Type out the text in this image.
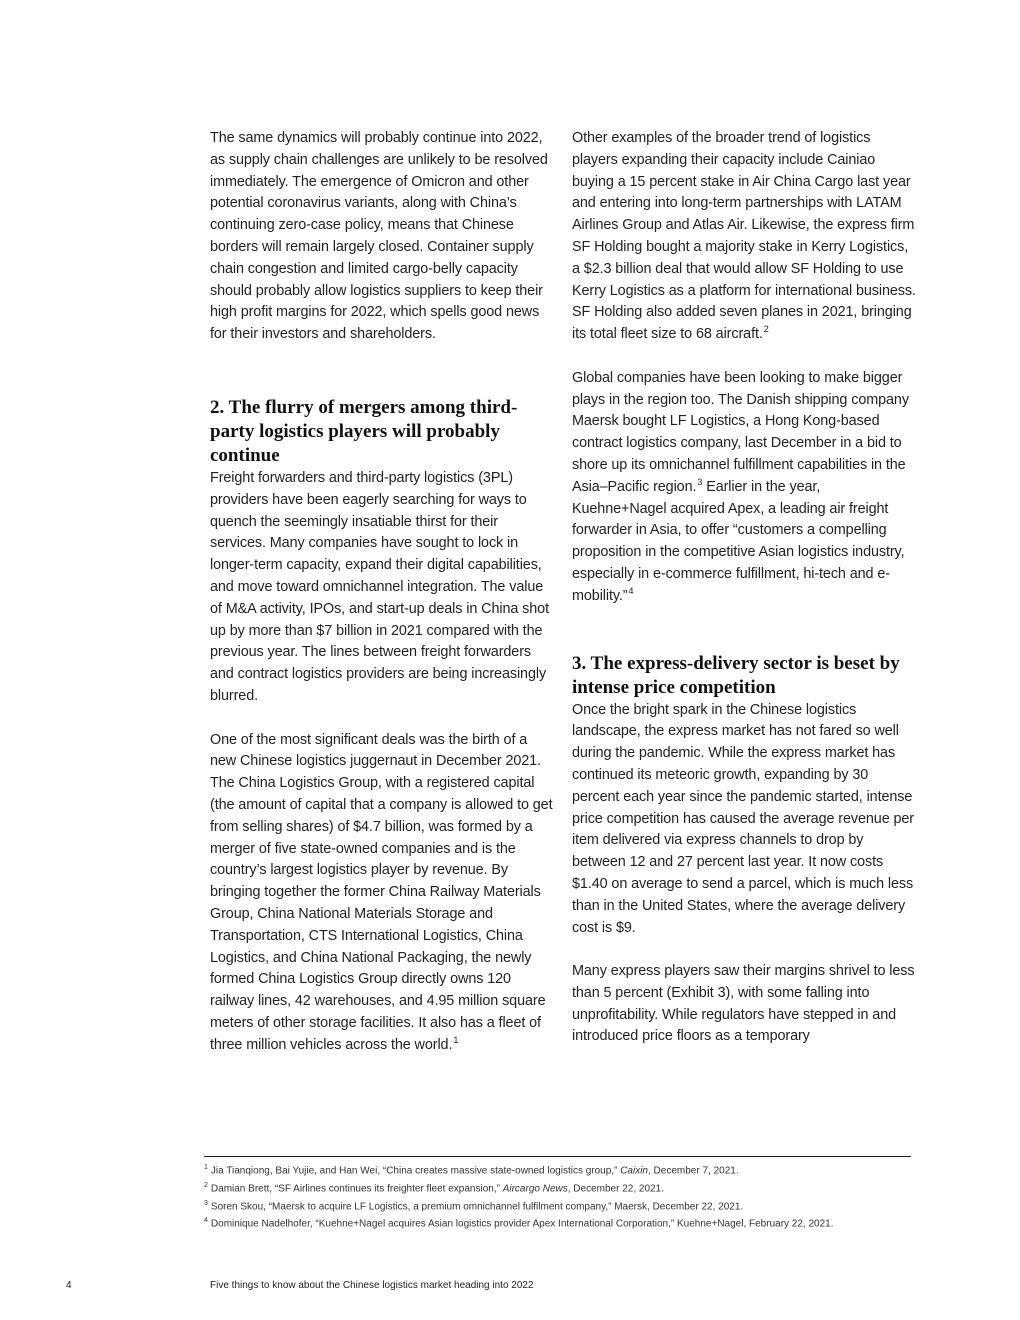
The same dynamics will probably continue into 2022, as supply chain challenges are unlikely to be resolved immediately. The emergence of Omicron and other potential coronavirus variants, along with China’s continuing zero-case policy, means that Chinese borders will remain largely closed. Container supply chain congestion and limited cargo-belly capacity should probably allow logistics suppliers to keep their high profit margins for 2022, which spells good news for their investors and shareholders.

2. The flurry of mergers among third-party logistics players will probably continue

Freight forwarders and third-party logistics (3PL) providers have been eagerly searching for ways to quench the seemingly insatiable thirst for their services. Many companies have sought to lock in longer-term capacity, expand their digital capabilities, and move toward omnichannel integration. The value of M&A activity, IPOs, and start-up deals in China shot up by more than $7 billion in 2021 compared with the previous year. The lines between freight forwarders and contract logistics providers are being increasingly blurred.

One of the most significant deals was the birth of a new Chinese logistics juggernaut in December 2021. The China Logistics Group, with a registered capital (the amount of capital that a company is allowed to get from selling shares) of $4.7 billion, was formed by a merger of five state-owned companies and is the country’s largest logistics player by revenue. By bringing together the former China Railway Materials Group, China National Materials Storage and Transportation, CTS International Logistics, China Logistics, and China National Packaging, the newly formed China Logistics Group directly owns 120 railway lines, 42 warehouses, and 4.95 million square meters of other storage facilities. It also has a fleet of three million vehicles across the world.$^1$

Other examples of the broader trend of logistics players expanding their capacity include Cainiao buying a 15 percent stake in Air China Cargo last year and entering into long-term partnerships with LATAM Airlines Group and Atlas Air. Likewise, the express firm SF Holding bought a majority stake in Kerry Logistics, a $2.3 billion deal that would allow SF Holding to use Kerry Logistics as a platform for international business. SF Holding also added seven planes in 2021, bringing its total fleet size to 68 aircraft.$^2$

Global companies have been looking to make bigger plays in the region too. The Danish shipping company Maersk bought LF Logistics, a Hong Kong-based contract logistics company, last December in a bid to shore up its omnichannel fulfillment capabilities in the Asia–Pacific region.$^3$ Earlier in the year, Kuehne+Nagel acquired Apex, a leading air freight forwarder in Asia, to offer “customers a compelling proposition in the competitive Asian logistics industry, especially in e-commerce fulfillment, hi-tech and e-mobility.”$^4$

3. The express-delivery sector is beset by intense price competition

Once the bright spark in the Chinese logistics landscape, the express market has not fared so well during the pandemic. While the express market has continued its meteoric growth, expanding by 30 percent each year since the pandemic started, intense price competition has caused the average revenue per item delivered via express channels to drop by between 12 and 27 percent last year. It now costs $1.40 on average to send a parcel, which is much less than in the United States, where the average delivery cost is $9.

Many express players saw their margins shrivel to less than 5 percent (Exhibit 3), with some falling into unprofitability. While regulators have stepped in and introduced price floors as a temporary

$^1$ Jia Tianqiong, Bai Yujie, and Han Wei, “China creates massive state-owned logistics group,” Caixin, December 7, 2021.
$^2$ Damian Brett, “SF Airlines continues its freighter fleet expansion,” Aircargo News, December 22, 2021.
$^3$ Soren Skou, “Maersk to acquire LF Logistics, a premium omnichannel fulfilment company,” Maersk, December 22, 2021.
$^4$ Dominique Nadelhofer, “Kuehne+Nagel acquires Asian logistics provider Apex International Corporation,” Kuehne+Nagel, February 22, 2021.
4	Five things to know about the Chinese logistics market heading into 2022
